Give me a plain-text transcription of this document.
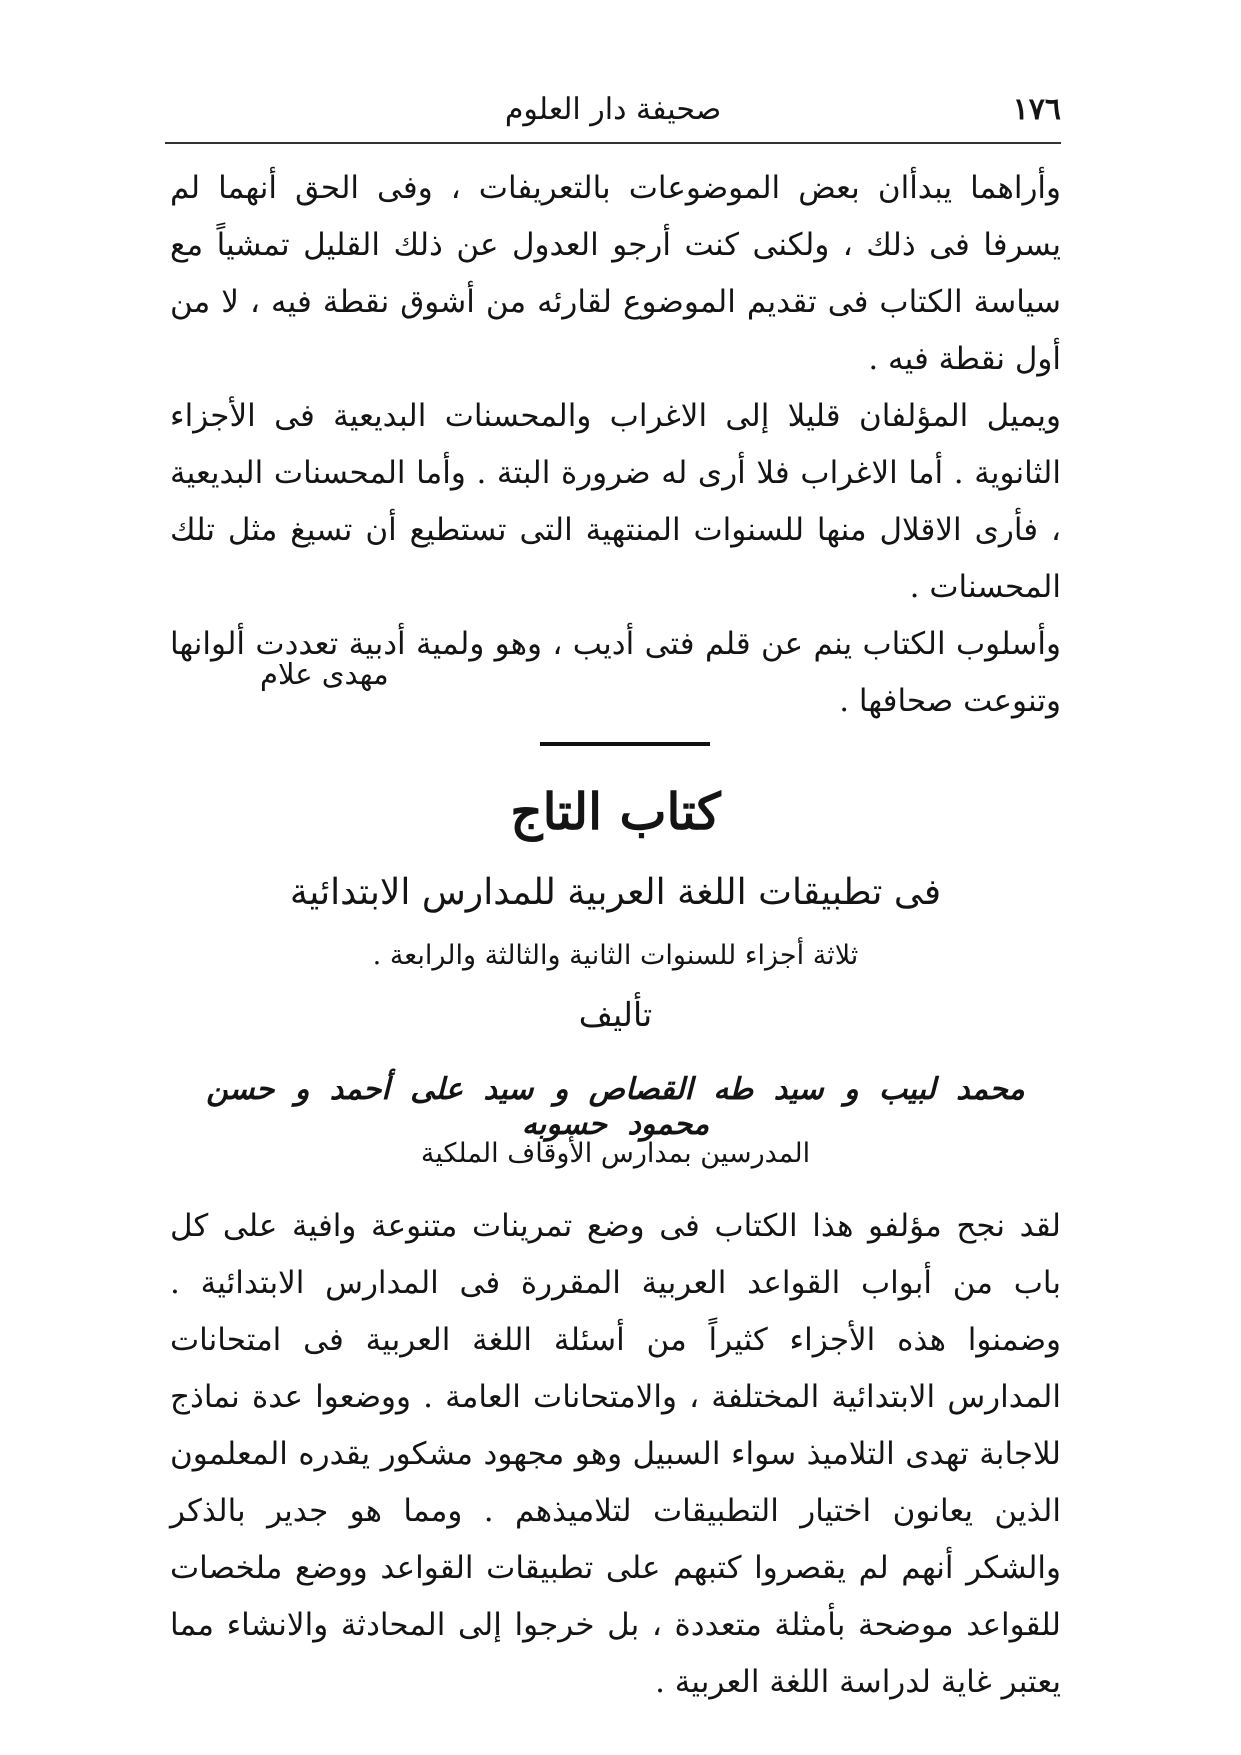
١٧٦
صحيفة دار العلوم

وأراهما يبدأان بعض الموضوعات بالتعريفات ، وفى الحق أنهما لم يسرفا فى ذلك ، ولكنى كنت أرجو العدول عن ذلك القليل تمشياً مع سياسة الكتاب فى تقديم الموضوع لقارئه من أشوق نقطة فيه ، لا من أول نقطة فيه .

ويميل المؤلفان قليلا إلى الاغراب والمحسنات البديعية فى الأجزاء الثانوية . أما الاغراب فلا أرى له ضرورة البتة . وأما المحسنات البديعية ، فأرى الاقلال منها للسنوات المنتهية التى تستطيع أن تسيغ مثل تلك المحسنات .

وأسلوب الكتاب ينم عن قلم فتى أديب ، وهو ولمية أدبية تعددت ألوانها وتنوعت صحافها .

مهدى علام
كتاب التاج
فى تطبيقات اللغة العربية للمدارس الابتدائية
ثلاثة أجزاء للسنوات الثانية والثالثة والرابعة .
تأليف
محمد لبيب و سيد طه القصاص و سيد على أحمد و حسن محمود حسوبه
المدرسين بمدارس الأوقاف الملكية

لقد نجح مؤلفو هذا الكتاب فى وضع تمرينات متنوعة وافية على كل باب من أبواب القواعد العربية المقررة فى المدارس الابتدائية . وضمنوا هذه الأجزاء كثيراً من أسئلة اللغة العربية فى امتحانات المدارس الابتدائية المختلفة ، والامتحانات العامة . ووضعوا عدة نماذج للاجابة تهدى التلاميذ سواء السبيل وهو مجهود مشكور يقدره المعلمون الذين يعانون اختيار التطبيقات لتلاميذهم . ومما هو جدير بالذكر والشكر أنهم لم يقصروا كتبهم على تطبيقات القواعد ووضع ملخصات للقواعد موضحة بأمثلة متعددة ، بل خرجوا إلى المحادثة والانشاء مما يعتبر غاية لدراسة اللغة العربية .
